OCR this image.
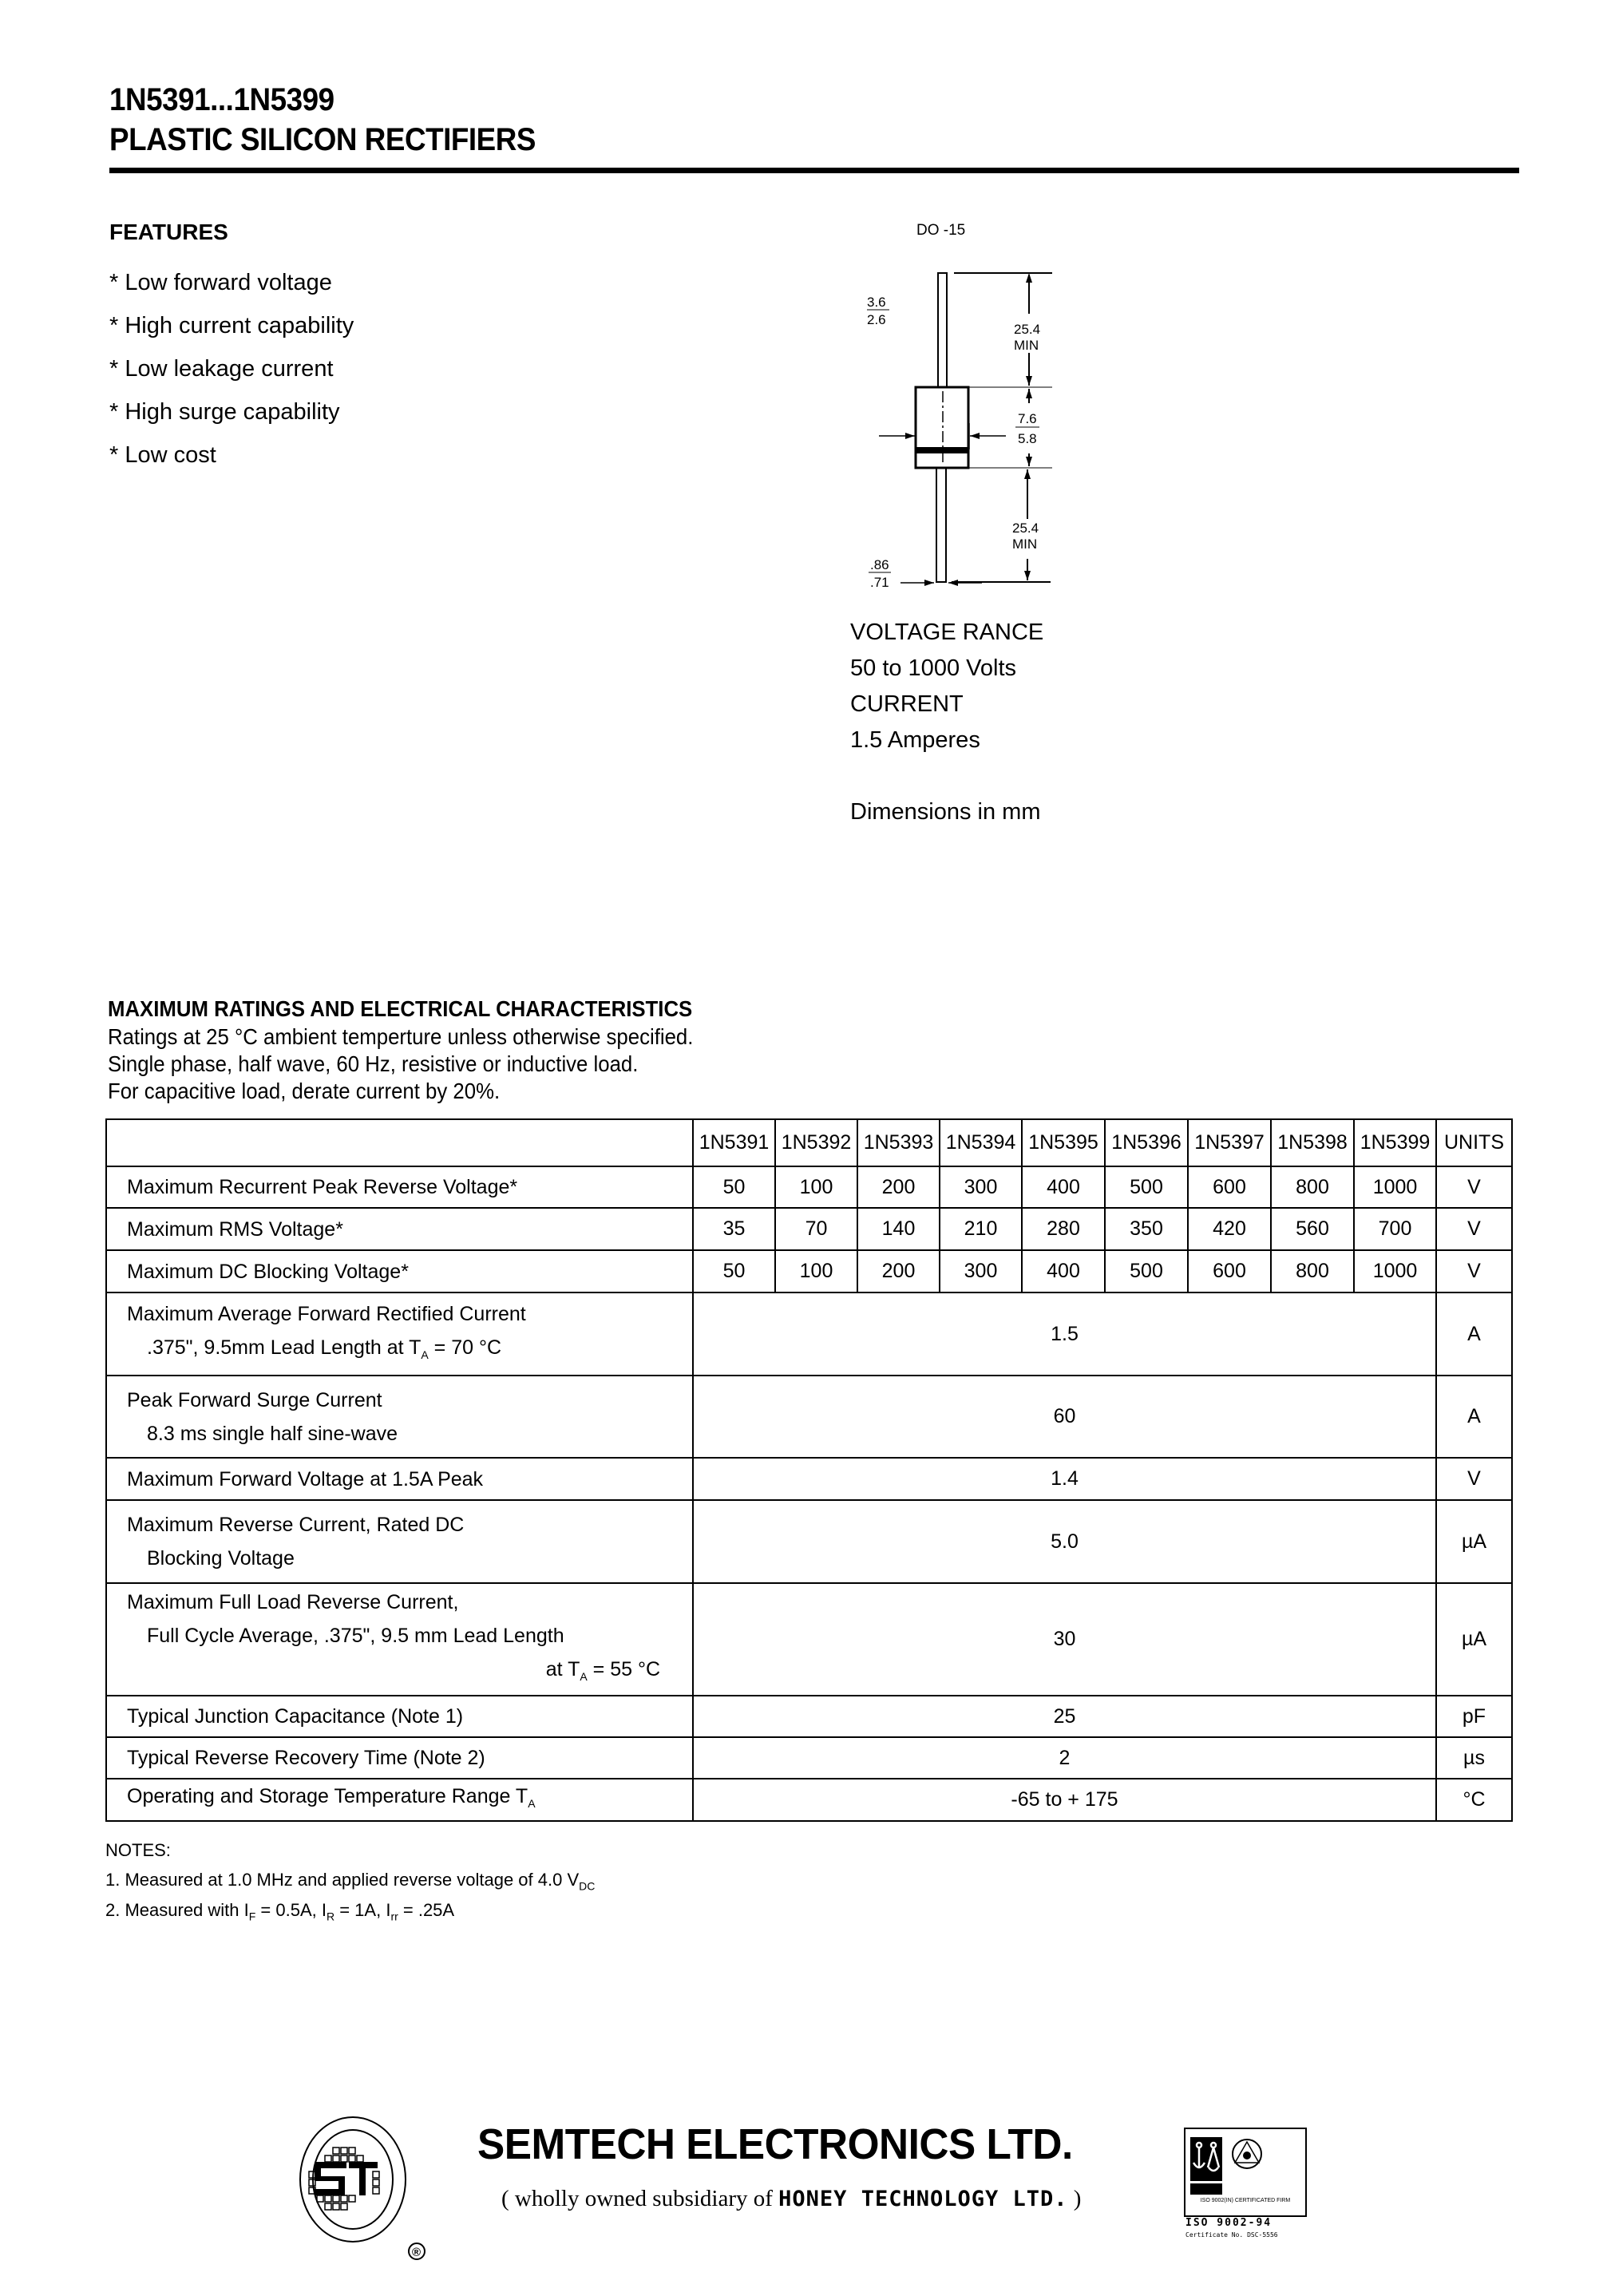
1N5391...1N5399
PLASTIC SILICON RECTIFIERS
FEATURES
* Low forward voltage
* High current capability
* Low leakage current
* High surge capability
* Low cost
DO -15
3.6
2.6
25.4
MIN
7.6
5.8
25.4
MIN
.86
.71
VOLTAGE RANCE
50 to 1000 Volts
CURRENT
1.5 Amperes
Dimensions in mm
MAXIMUM RATINGS AND ELECTRICAL CHARACTERISTICS
Ratings at 25 °C ambient temperture unless otherwise specified.
Single phase, half wave, 60 Hz, resistive or inductive load.
For capacitive load, derate current by 20%.
	1N5391	1N5392	1N5393	1N5394	1N5395	1N5396	1N5397	1N5398	1N5399	UNITS
Maximum Recurrent Peak Reverse Voltage*	50	100	200	300	400	500	600	800	1000	V
Maximum RMS Voltage*	35	70	140	210	280	350	420	560	700	V
Maximum DC Blocking Voltage*	50	100	200	300	400	500	600	800	1000	V
Maximum Average Forward Rectified Current
.375", 9.5mm Lead Length at $T_A = 70$ °C	1.5									A
Peak Forward Surge Current
8.3 ms single half sine-wave	60									A
Maximum Forward Voltage at 1.5A Peak	1.4									V
Maximum Reverse Current, Rated DC
Blocking Voltage	5.0									µA
Maximum Full Load Reverse Current,
Full Cycle Average, .375", 9.5 mm Lead Length
at $T_A = 55$ °C	30									µA
Typical Junction Capacitance (Note 1)	25									pF
Typical Reverse Recovery Time (Note 2)	2									µs
Operating and Storage Temperature Range $T_A$	-65 to + 175									°C
NOTES:
1. Measured at 1.0 MHz and applied reverse voltage of 4.0 $V_{DC}$
2. Measured with $I_F = 0.5A$, $I_R = 1A$, $I_{rr} = .25A$
®
SEMTECH ELECTRONICS LTD.
( wholly owned subsidiary of HONEY TECHNOLOGY LTD. )	ISO 9002(IN) CERTIFICATED FIRM
ISO 9002-94
Certificate No. DSC-5556
